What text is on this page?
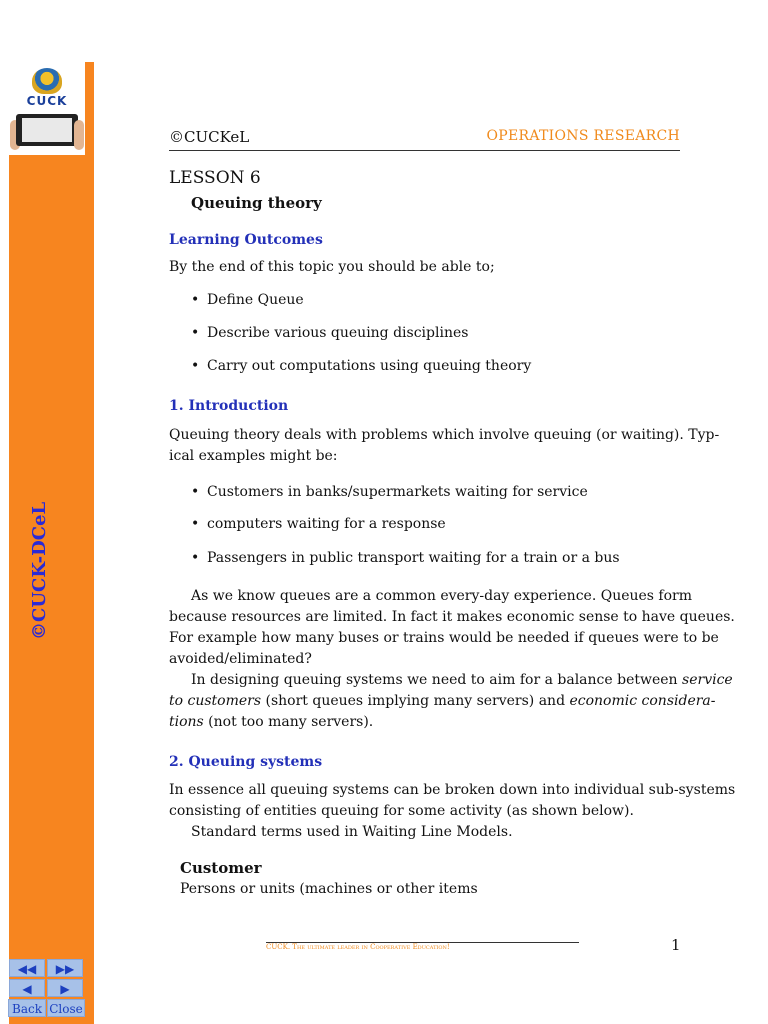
CUCK
©CUCK-DCeL
◀◀	▶▶
◀	▶
Back Close
©CUCKeL	OPERATIONS RESEARCH
LESSON 6
Queuing theory
Learning Outcomes
By the end of this topic you should be able to;
• Define Queue
• Describe various queuing disciplines
• Carry out computations using queuing theory
1. Introduction
Queuing theory deals with problems which involve queuing (or waiting). Typ-
ical examples might be:
• Customers in banks/supermarkets waiting for service
• computers waiting for a response
• Passengers in public transport waiting for a train or a bus
As we know queues are a common every-day experience. Queues form
because resources are limited. In fact it makes economic sense to have queues.
For example how many buses or trains would be needed if queues were to be
avoided/eliminated?
In designing queuing systems we need to aim for a balance between service
to customers (short queues implying many servers) and economic considera-
tions (not too many servers).
2. Queuing systems
In essence all queuing systems can be broken down into individual sub-systems
consisting of entities queuing for some activity (as shown below).
Standard terms used in Waiting Line Models.
Customer
Persons or units (machines or other items
CUCK. The ultimate leader in Cooperative Education!	1
